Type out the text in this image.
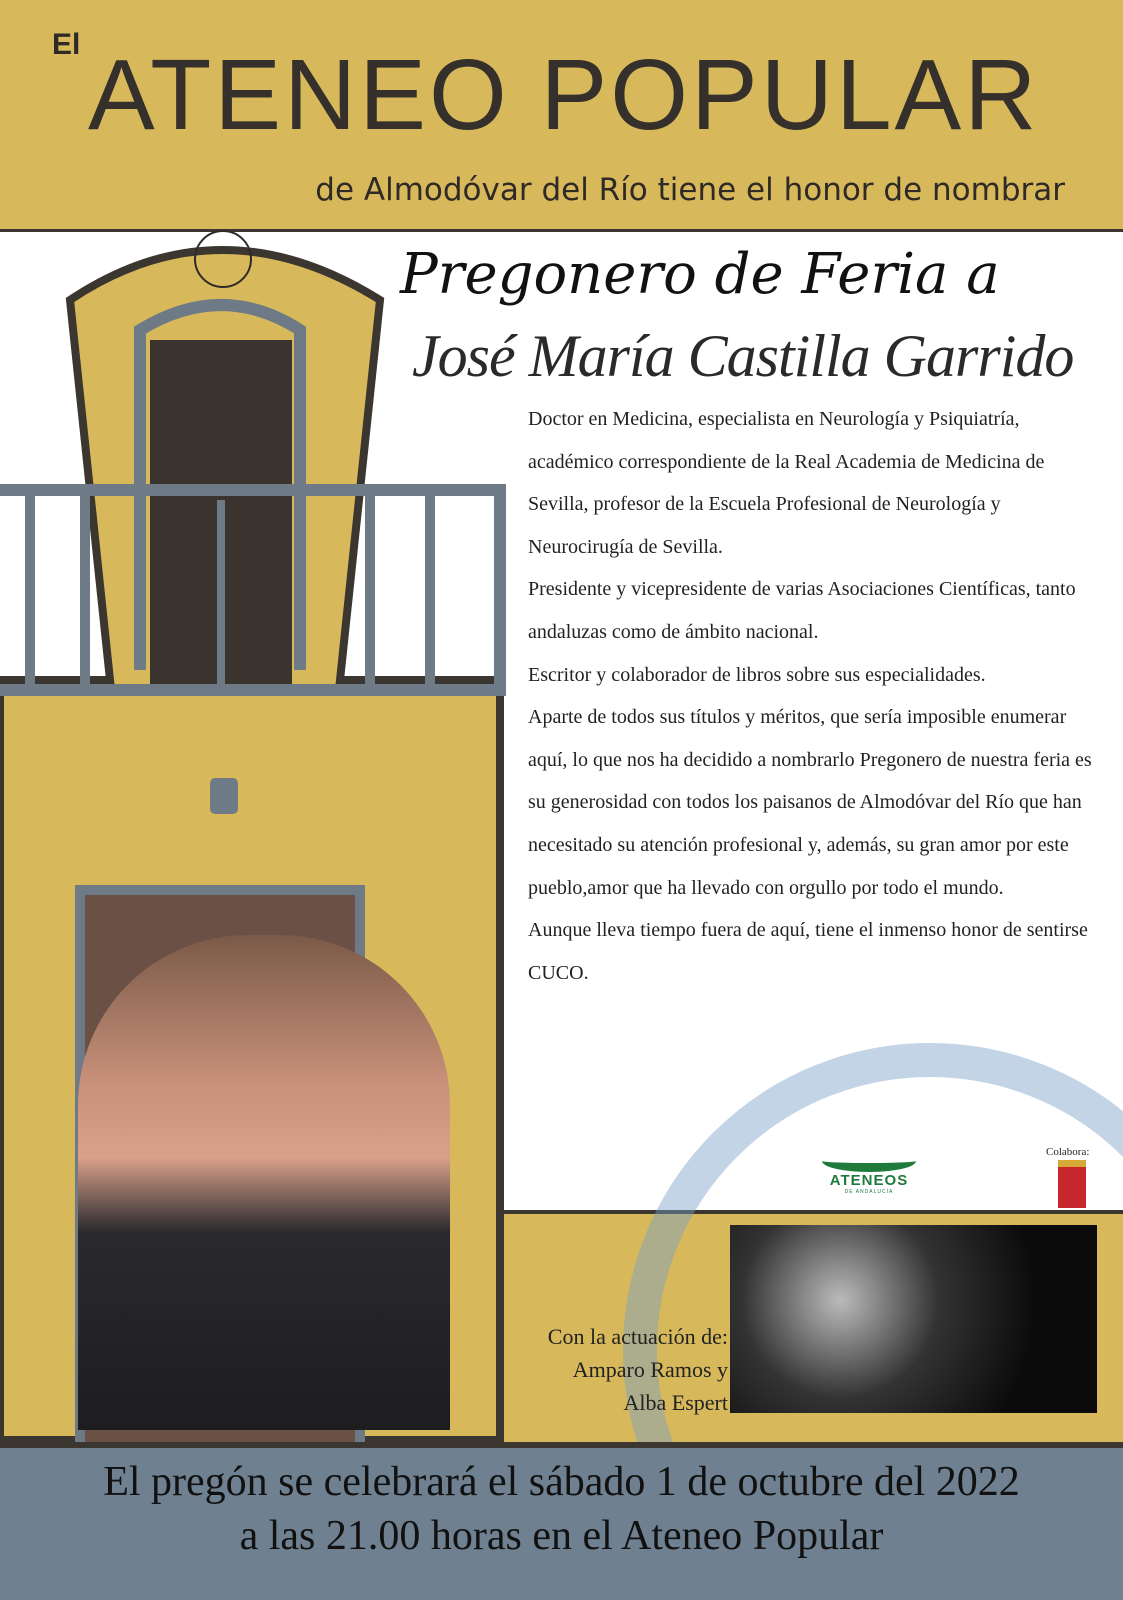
El ATENEO POPULAR
de Almodóvar del Río tiene el honor de nombrar
Pregonero de Feria a
José María Castilla Garrido

Doctor en Medicina, especialista en Neurología y Psiquiatría, académico correspondiente de la Real Academia de Medicina de Sevilla, profesor de la Escuela Profesional de Neurología y Neurocirugía de Sevilla.

Presidente y vicepresidente de varias Asociaciones Científicas, tanto andaluzas como de ámbito nacional.

Escritor y colaborador de libros sobre sus especialidades.

Aparte de todos sus títulos y méritos, que sería imposible enumerar aquí, lo que nos ha decidido a nombrarlo Pregonero de nuestra feria es su generosidad con todos los paisanos de Almodóvar del Río que han necesitado su atención profesional y, además, su gran amor por este pueblo,amor que ha llevado con orgullo por todo el mundo.

Aunque lleva tiempo fuera de aquí, tiene el inmenso honor de sentirse CUCO.

ATENEOS
DE ANDALUCÍA
Colabora:
Con la actuación de:
Amparo Ramos y
Alba Espert
El pregón se celebrará el sábado 1 de octubre del 2022
a las 21.00 horas en el Ateneo Popular
